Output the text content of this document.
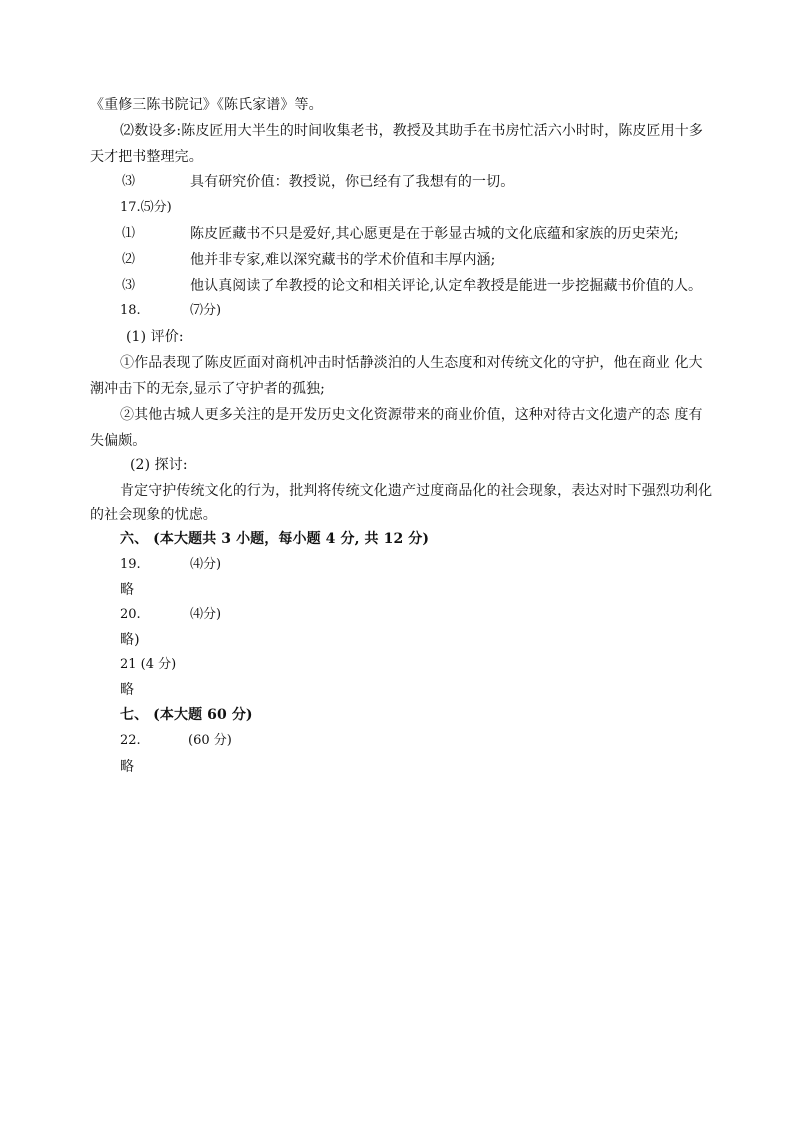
《重修三陈书院记》《陈氏家谱》等。
⑵数设多:陈皮匠用大半生的时间收集老书，教授及其助手在书房忙活六小时时，陈皮匠用十多
天才把书整理完。
⑶	具有研究价值：教授说，你已经有了我想有的一切。
17.⑸分)
⑴	陈皮匠藏书不只是爱好,其心愿更是在于彰显古城的文化底蕴和家族的历史荣光;
⑵	他并非专家,难以深究藏书的学术价值和丰厚内涵;
⑶	他认真阅读了牟教授的论文和相关评论,认定牟教授是能进一步挖掘藏书价值的人。
18.	⑺分)
(1) 评价:
①作品表现了陈皮匠面对商机冲击时恬静淡泊的人生态度和对传统文化的守护，他在商业 化大
潮冲击下的无奈,显示了守护者的孤独;
②其他古城人更多关注的是开发历史文化资源带来的商业价值，这种对待古文化遗产的态 度有
失偏颇。
(2) 探讨:
肯定守护传统文化的行为，批判将传统文化遗产过度商品化的社会现象，表达对时下强烈功利化
的社会现象的忧虑。
六、 (本大题共 3 小题，每小题 4 分, 共 12 分)
19.	⑷分)
略
20.	⑷分)
略)
21 (4 分)
略
七、 (本大题 60 分)
22.	(60 分)
略
